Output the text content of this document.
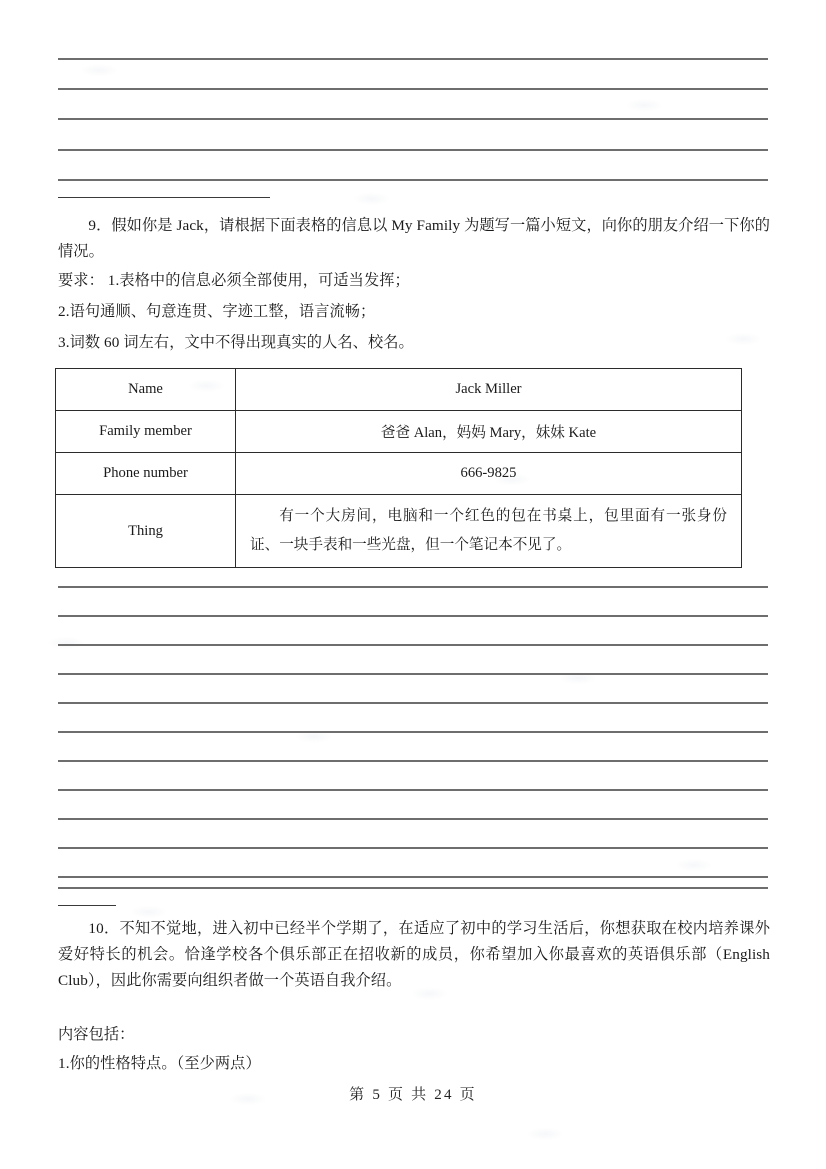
9．假如你是 Jack，请根据下面表格的信息以 My Family 为题写一篇小短文，向你的朋友介绍一下你的情况。
要求： 1.表格中的信息必须全部使用，可适当发挥；
2.语句通顺、句意连贯、字迹工整，语言流畅；
3.词数 60 词左右，文中不得出现真实的人名、校名。
Name	Jack Miller
Family member	爸爸 Alan，妈妈 Mary，妹妹 Kate
Phone number	666-9825
Thing	有一个大房间，电脑和一个红色的包在书桌上，包里面有一张身份证、一块手表和一些光盘，但一个笔记本不见了。
10．不知不觉地，进入初中已经半个学期了，在适应了初中的学习生活后，你想获取在校内培养课外爱好特长的机会。恰逢学校各个俱乐部正在招收新的成员，你希望加入你最喜欢的英语俱乐部（English Club），因此你需要向组织者做一个英语自我介绍。
内容包括：
1.你的性格特点。（至少两点）
第 5 页 共 24 页
